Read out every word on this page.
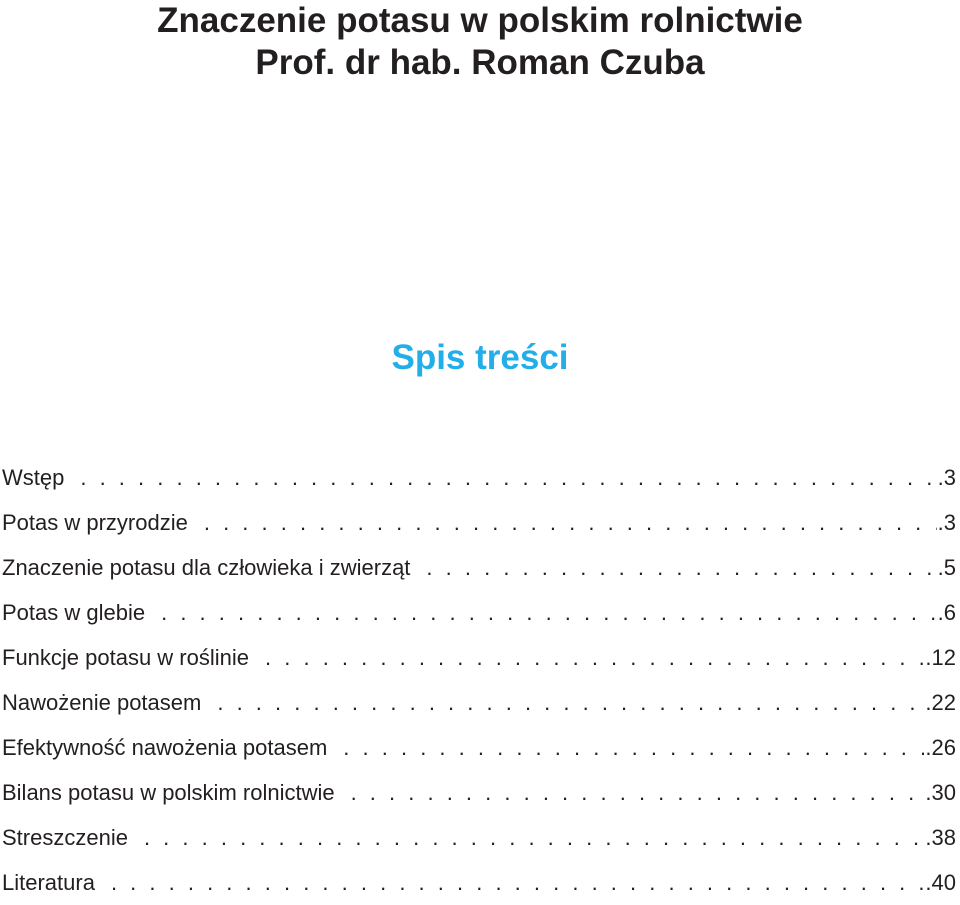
Znaczenie potasu w polskim rolnictwie

Prof. dr hab. Roman Czuba

Spis treści
Wstęp . . .	.3
Potas w przyrodzie . . .	.3
Znaczenie potasu dla człowieka i zwierząt . . .	.5
Potas w glebie . . .	.6
Funkcje potasu w roślinie . . .	.12
Nawożenie potasem . . .	.22
Efektywność nawożenia potasem . . .	.26
Bilans potasu w polskim rolnictwie . . .	.30
Streszczenie . . .	.38
Literatura . . .	.40
